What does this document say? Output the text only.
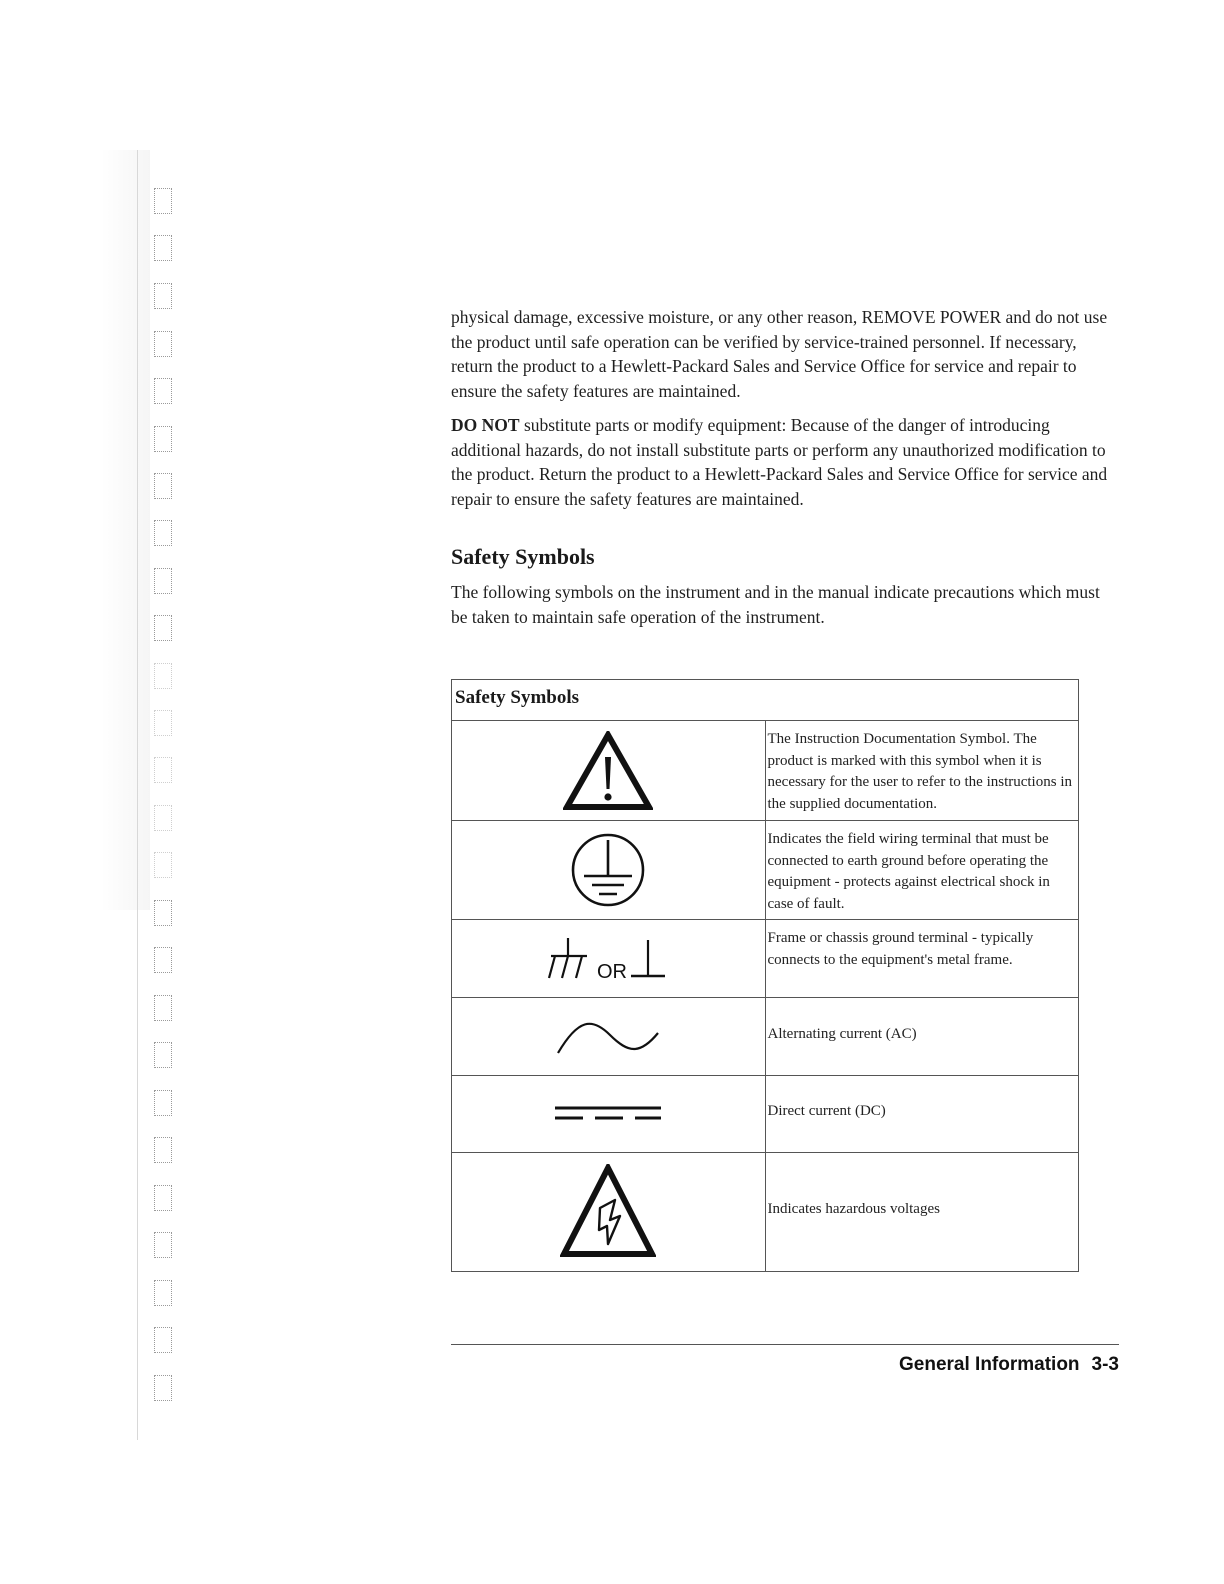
physical damage, excessive moisture, or any other reason, REMOVE POWER and do not use the product until safe operation can be verified by service-trained personnel. If necessary, return the product to a Hewlett-Packard Sales and Service Office for service and repair to ensure the safety features are maintained.

DO NOT substitute parts or modify equipment: Because of the danger of introducing additional hazards, do not install substitute parts or perform any unauthorized modification to the product. Return the product to a Hewlett-Packard Sales and Service Office for service and repair to ensure the safety features are maintained.

Safety Symbols

The following symbols on the instrument and in the manual indicate precautions which must be taken to maintain safe operation of the instrument.

Safety Symbols	

	The Instruction Documentation Symbol. The product is marked with this symbol when it is necessary for the user to refer to the instructions in the supplied documentation.

	Indicates the field wiring terminal that must be connected to earth ground before operating the equipment - protects against electrical shock in case of fault.

OR	Frame or chassis ground terminal - typically connects to the equipment's metal frame.

	Alternating current (AC)

	Direct current (DC)

	Indicates hazardous voltages
General Information 3-3
